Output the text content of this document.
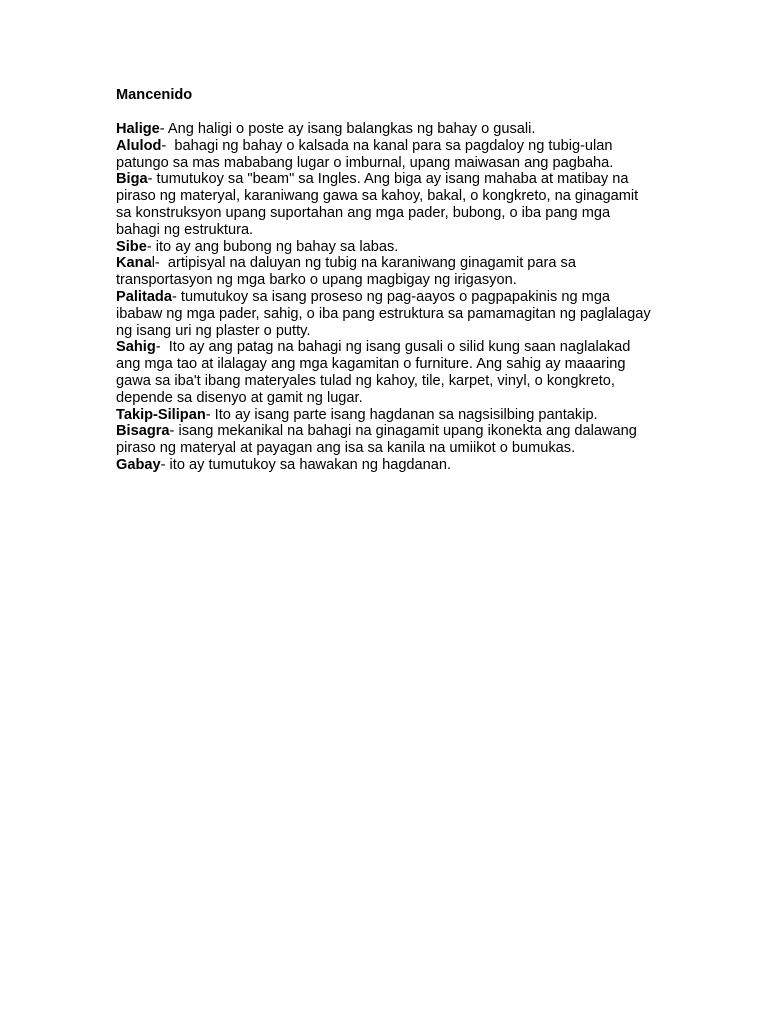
Mancenido

Halige- Ang haligi o poste ay isang balangkas ng bahay o gusali.

Alulod-  bahagi ng bahay o kalsada na kanal para sa pagdaloy ng tubig-ulan patungo sa mas mababang lugar o imburnal, upang maiwasan ang pagbaha.

Biga- tumutukoy sa "beam" sa Ingles. Ang biga ay isang mahaba at matibay na piraso ng materyal, karaniwang gawa sa kahoy, bakal, o kongkreto, na ginagamit sa konstruksyon upang suportahan ang mga pader, bubong, o iba pang mga bahagi ng estruktura.

Sibe- ito ay ang bubong ng bahay sa labas.

Kanal-  artipisyal na daluyan ng tubig na karaniwang ginagamit para sa transportasyon ng mga barko o upang magbigay ng irigasyon.

Palitada- tumutukoy sa isang proseso ng pag-aayos o pagpapakinis ng mga ibabaw ng mga pader, sahig, o iba pang estruktura sa pamamagitan ng paglalagay ng isang uri ng plaster o putty.

Sahig-  Ito ay ang patag na bahagi ng isang gusali o silid kung saan naglalakad ang mga tao at ilalagay ang mga kagamitan o furniture. Ang sahig ay maaaring gawa sa iba't ibang materyales tulad ng kahoy, tile, karpet, vinyl, o kongkreto, depende sa disenyo at gamit ng lugar.

Takip-Silipan- Ito ay isang parte isang hagdanan sa nagsisilbing pantakip.

Bisagra- isang mekanikal na bahagi na ginagamit upang ikonekta ang dalawang piraso ng materyal at payagan ang isa sa kanila na umiikot o bumukas.

Gabay- ito ay tumutukoy sa hawakan ng hagdanan.
